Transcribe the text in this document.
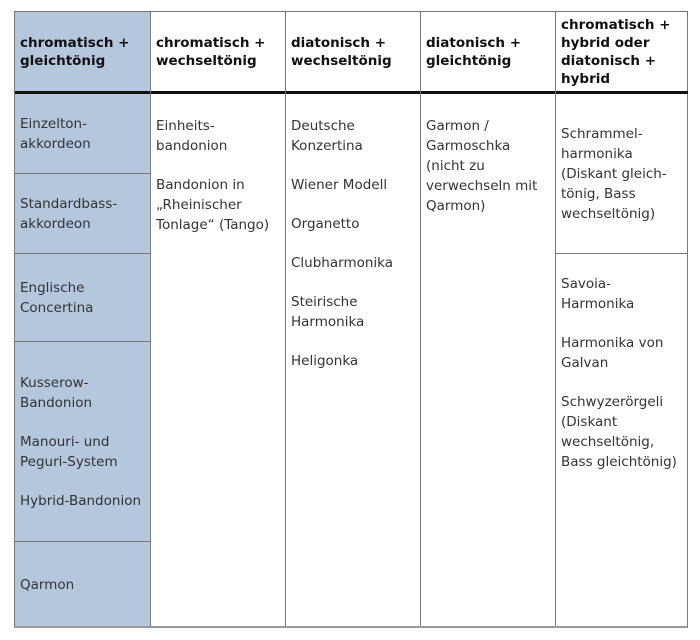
chromatisch + gleichtönig
Einzelton-akkordeon
Standardbass-akkordeon
Englische Concertina
Kusserow-Bandonion
Manouri- und Peguri-System
Hybrid-Bandonion
Qarmon
chromatisch + wechseltönig
Einheits-bandonion
Bandonion in „Rheinischer Tonlage“ (Tango)
diatonisch + wechseltönig
Deutsche Konzertina
Wiener Modell
Organetto
Clubharmonika
Steirische Harmonika
Heligonka
diatonisch + gleichtönig
Garmon / Garmoschka (nicht zu verwechseln mit Qarmon)
chromatisch + hybrid oder diatonisch + hybrid
Schrammel-harmonika (Diskant gleich-tönig, Bass wechseltönig)
Savoia-Harmonika
Harmonika von Galvan
Schwyzerörgeli (Diskant wechseltönig, Bass gleichtönig)
